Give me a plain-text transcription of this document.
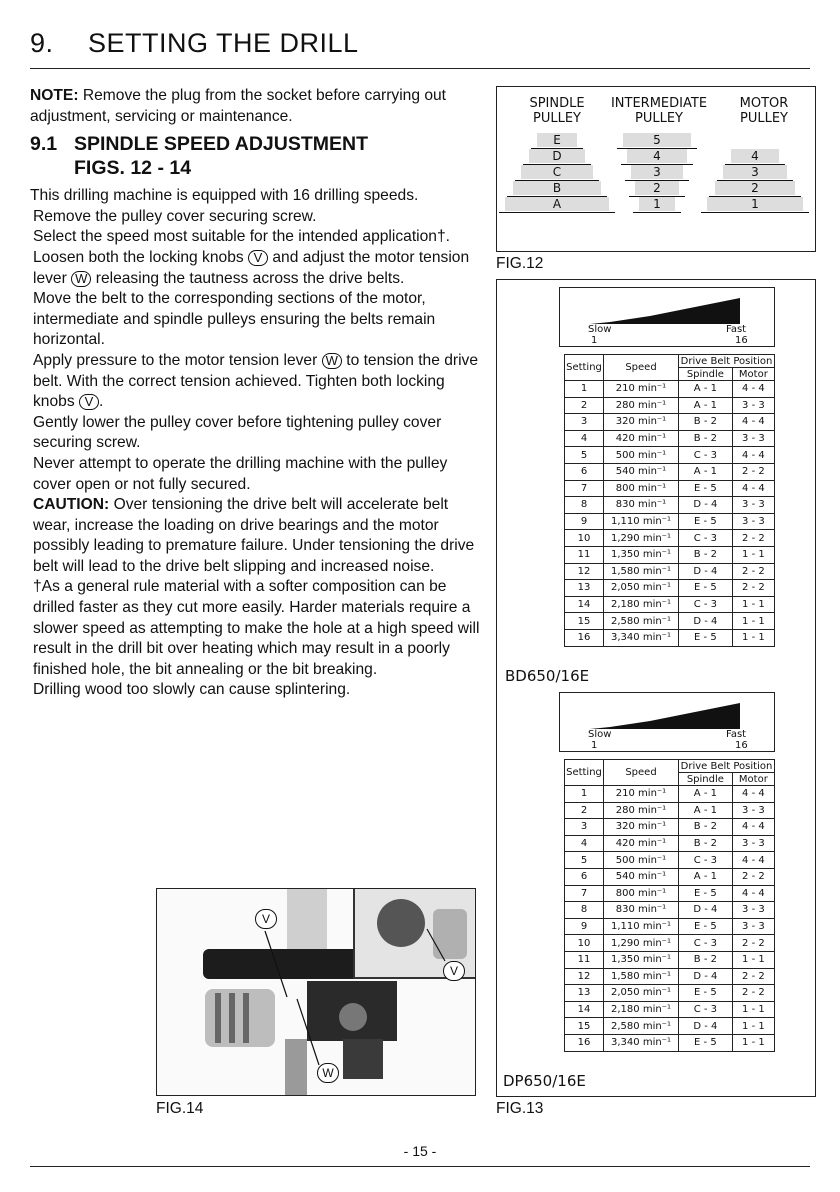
9. SETTING THE DRILL

NOTE: Remove the plug from the socket before carrying out adjustment, servicing or maintenance.

9.1 SPINDLE SPEED ADJUSTMENT
FIGS. 12 - 14

This drilling machine is equipped with 16 drilling speeds.

Remove the pulley cover securing screw.

Select the speed most suitable for the intended application†.

Loosen both the locking knobs V and adjust the motor tension lever W releasing the tautness across the drive belts.

Move the belt to the corresponding sections of the motor, intermediate and spindle pulleys ensuring the belts remain horizontal.

Apply pressure to the motor tension lever W to tension the drive belt. With the correct tension achieved. Tighten both locking knobs V .

Gently lower the pulley cover before tightening pulley cover securing screw.

Never attempt to operate the drilling machine with the pulley cover open or not fully secured.

CAUTION: Over tensioning the drive belt will accelerate belt wear, increase the loading on drive bearings and the motor possibly leading to premature failure. Under tensioning the drive belt will lead to the drive belt slipping and increased noise.

†As a general rule material with a softer composition can be drilled faster as they cut more easily. Harder materials require a slower speed as attempting to make the hole at a high speed will result in the drill bit over heating which may result in a poorly finished hole, the bit annealing or the bit breaking.

Drilling wood too slowly can cause splintering.

SPINDLE
PULLEY
INTERMEDIATE
PULLEY
MOTOR
PULLEY
E
D
C
B
A
5
4
3
2
1
4
3
2
1
FIG.12
Slow
1
Fast
16
Setting	Speed	Drive Belt Position	
		Spindle	Motor
1	210 min⁻¹	A - 1	4 - 4
2	280 min⁻¹	A - 1	3 - 3
3	320 min⁻¹	B - 2	4 - 4
4	420 min⁻¹	B - 2	3 - 3
5	500 min⁻¹	C - 3	4 - 4
6	540 min⁻¹	A - 1	2 - 2
7	800 min⁻¹	E - 5	4 - 4
8	830 min⁻¹	D - 4	3 - 3
9	1,110 min⁻¹	E - 5	3 - 3
10	1,290 min⁻¹	C - 3	2 - 2
11	1,350 min⁻¹	B - 2	1 - 1
12	1,580 min⁻¹	D - 4	2 - 2
13	2,050 min⁻¹	E - 5	2 - 2
14	2,180 min⁻¹	C - 3	1 - 1
15	2,580 min⁻¹	D - 4	1 - 1
16	3,340 min⁻¹	E - 5	1 - 1
BD650/16E
Slow
1
Fast
16
Setting	Speed	Drive Belt Position	
		Spindle	Motor
1	210 min⁻¹	A - 1	4 - 4
2	280 min⁻¹	A - 1	3 - 3
3	320 min⁻¹	B - 2	4 - 4
4	420 min⁻¹	B - 2	3 - 3
5	500 min⁻¹	C - 3	4 - 4
6	540 min⁻¹	A - 1	2 - 2
7	800 min⁻¹	E - 5	4 - 4
8	830 min⁻¹	D - 4	3 - 3
9	1,110 min⁻¹	E - 5	3 - 3
10	1,290 min⁻¹	C - 3	2 - 2
11	1,350 min⁻¹	B - 2	1 - 1
12	1,580 min⁻¹	D - 4	2 - 2
13	2,050 min⁻¹	E - 5	2 - 2
14	2,180 min⁻¹	C - 3	1 - 1
15	2,580 min⁻¹	D - 4	1 - 1
16	3,340 min⁻¹	E - 5	1 - 1
DP650/16E
FIG.13
V
W
V
FIG.14
- 15 -
